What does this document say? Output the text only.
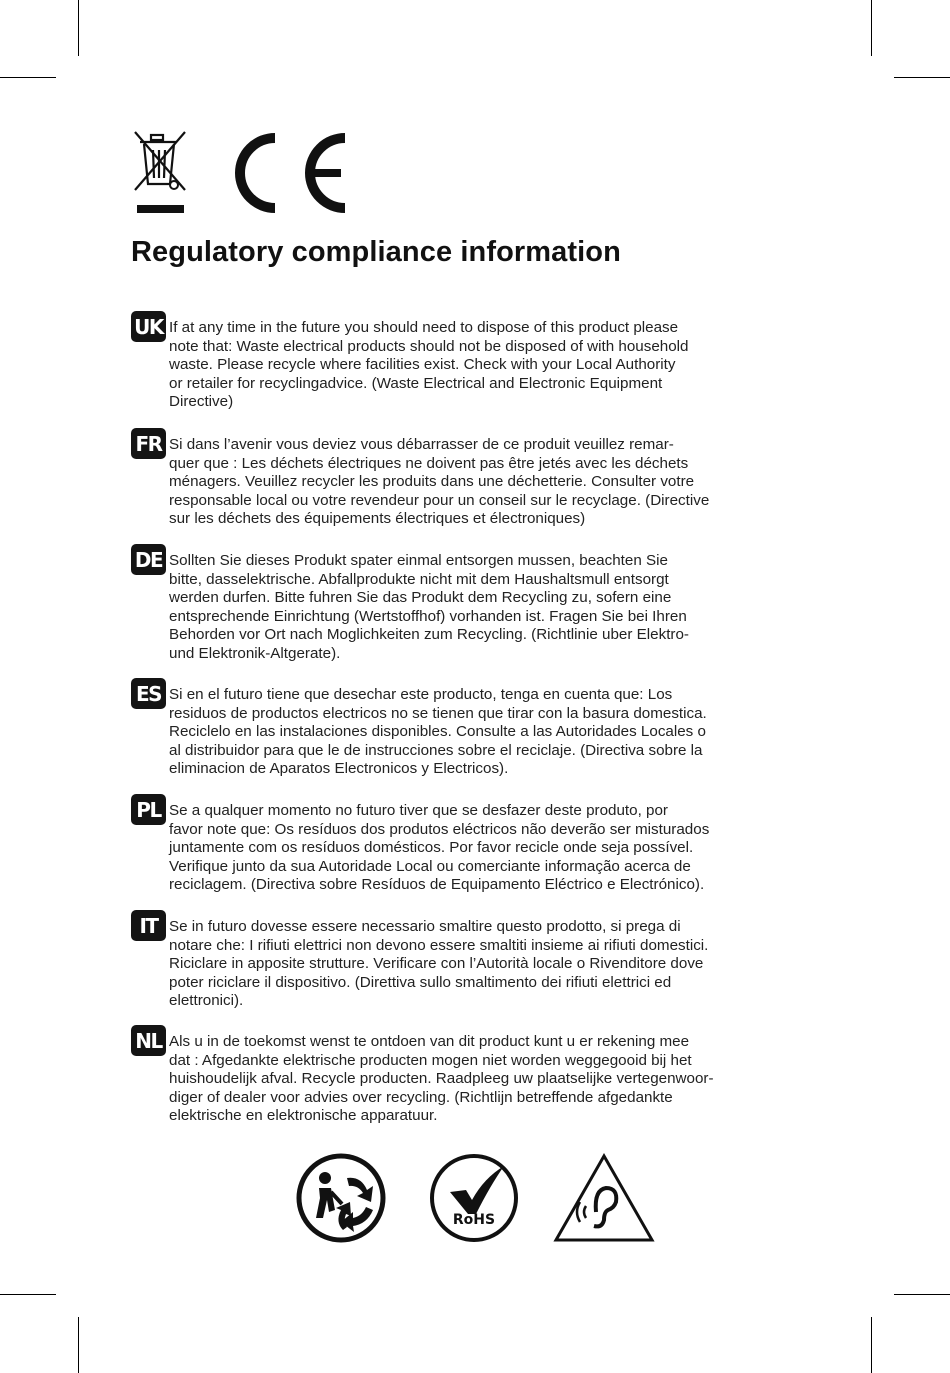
Regulatory compliance information
UK If at any time in the future you should need to dispose of this product please
note that: Waste electrical products should not be disposed of with household
waste. Please recycle where facilities exist. Check with your Local Authority
or retailer for recyclingadvice. (Waste Electrical and Electronic Equipment
Directive)
FR Si dans l’avenir vous deviez vous débarrasser de ce produit veuillez remar-
quer que : Les déchets électriques ne doivent pas être jetés avec les déchets
ménagers. Veuillez recycler les produits dans une déchetterie. Consulter votre
responsable local ou votre revendeur pour un conseil sur le recyclage. (Directive
sur les déchets des équipements électriques et électroniques)
DE Sollten Sie dieses Produkt spater einmal entsorgen mussen, beachten Sie
bitte, dasselektrische. Abfallprodukte nicht mit dem Haushaltsmull entsorgt
werden durfen. Bitte fuhren Sie das Produkt dem Recycling zu, sofern eine
entsprechende Einrichtung (Wertstoffhof) vorhanden ist. Fragen Sie bei Ihren
Behorden vor Ort nach Moglichkeiten zum Recycling. (Richtlinie uber Elektro-
und Elektronik-Altgerate).
ES Si en el futuro tiene que desechar este producto, tenga en cuenta que: Los
residuos de productos electricos no se tienen que tirar con la basura domestica.
Reciclelo en las instalaciones disponibles. Consulte a las Autoridades Locales o
al distribuidor para que le de instrucciones sobre el reciclaje. (Directiva sobre la
eliminacion de Aparatos Electronicos y Electricos).
PL Se a qualquer momento no futuro tiver que se desfazer deste produto, por
favor note que: Os resíduos dos produtos eléctricos não deverão ser misturados
juntamente com os resíduos domésticos. Por favor recicle onde seja possível.
Verifique junto da sua Autoridade Local ou comerciante informação acerca de
reciclagem. (Directiva sobre Resíduos de Equipamento Eléctrico e Electrónico).
IT Se in futuro dovesse essere necessario smaltire questo prodotto, si prega di
notare che: I rifiuti elettrici non devono essere smaltiti insieme ai rifiuti domestici.
Riciclare in apposite strutture. Verificare con l’Autorità locale o Rivenditore dove
poter riciclare il dispositivo. (Direttiva sullo smaltimento dei rifiuti elettrici ed
elettronici).
NL Als u in de toekomst wenst te ontdoen van dit product kunt u er rekening mee
dat : Afgedankte elektrische producten mogen niet worden weggegooid bij het
huishoudelijk afval. Recycle producten. Raadpleeg uw plaatselijke vertegenwoor-
diger of dealer voor advies over recycling. (Richtlijn betreffende afgedankte
elektrische en elektronische apparatuur.
RoHS
